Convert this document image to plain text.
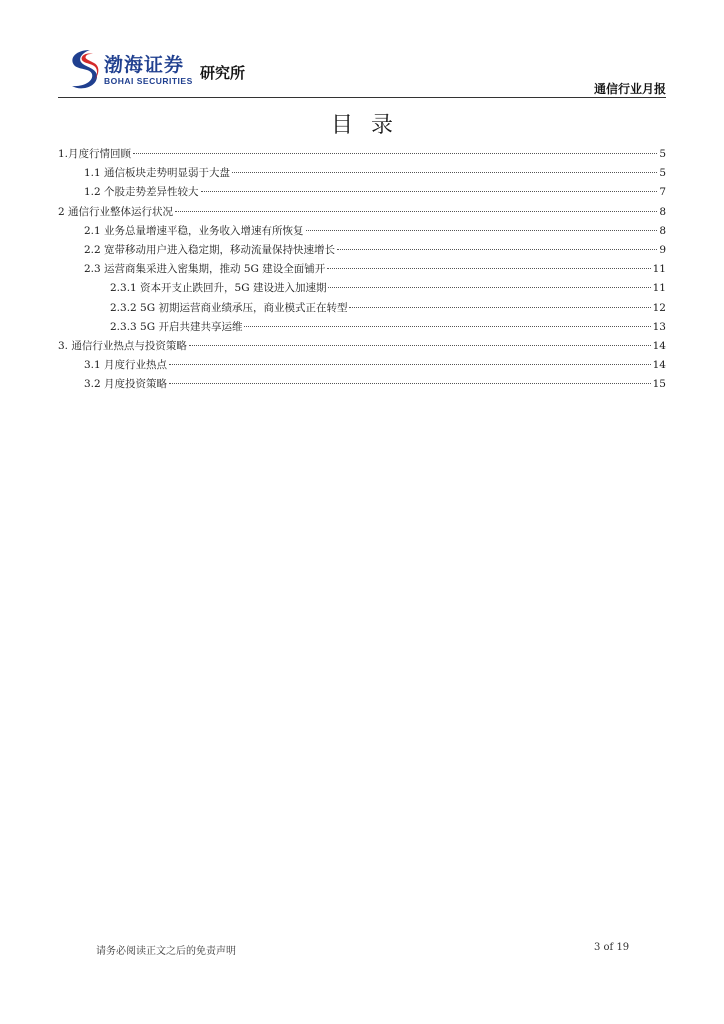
渤海证券
BOHAI SECURITIES 研究所
通信行业月报
目录
1.月度行情回顾	5
1.1 通信板块走势明显弱于大盘	5
1.2 个股走势差异性较大	7
2 通信行业整体运行状况	8
2.1 业务总量增速平稳，业务收入增速有所恢复	8
2.2 宽带移动用户进入稳定期，移动流量保持快速增长	9
2.3 运营商集采进入密集期，推动 5G 建设全面铺开	11
2.3.1 资本开支止跌回升，5G 建设进入加速期	11
2.3.2 5G 初期运营商业绩承压，商业模式正在转型	12
2.3.3 5G 开启共建共享运维	13
3. 通信行业热点与投资策略	14
3.1 月度行业热点	14
3.2 月度投资策略	15
请务必阅读正文之后的免责声明	3 of 19
